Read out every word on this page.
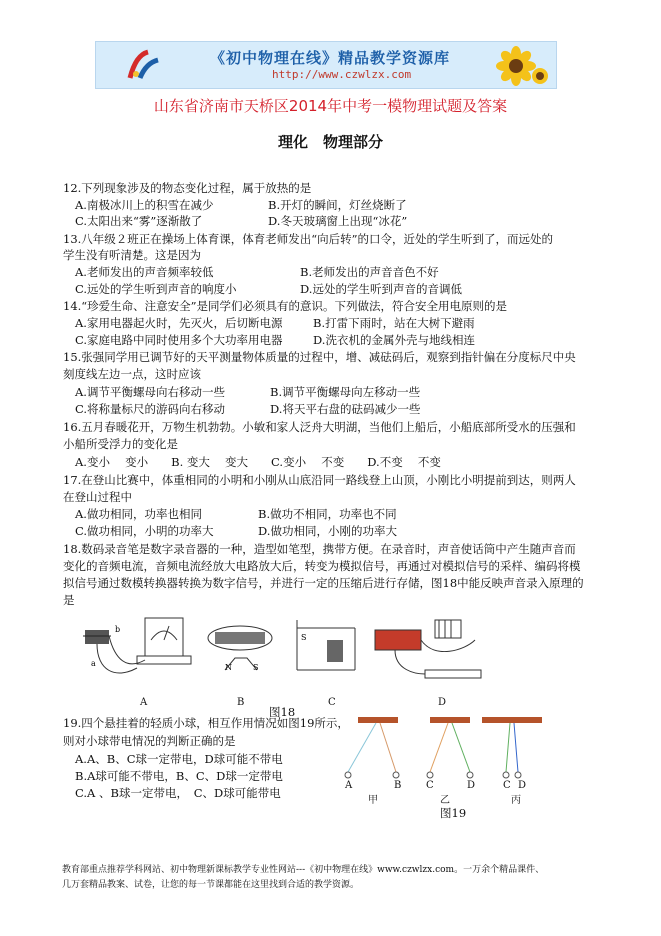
《初中物理在线》精品教学资源库
http://www.czwlzx.com
山东省济南市天桥区2014年中考一模物理试题及答案
理化　物理部分
12.下列现象涉及的物态变化过程，属于放热的是
A.南极冰川上的积雪在减少	B.开灯的瞬间，灯丝烧断了
C.太阳出来“雾”逐渐散了	D.冬天玻璃窗上出现“冰花”
13.八年级２班正在操场上体育课，体育老师发出“向后转”的口令，近处的学生听到了，而远处的
学生没有听清楚。这是因为
A.老师发出的声音频率较低	B.老师发出的声音音色不好
C.远处的学生听到声音的响度小	D.远处的学生听到声音的音调低
14.“珍爱生命、注意安全”是同学们必须具有的意识。下列做法，符合安全用电原则的是
A.家用电器起火时，先灭火，后切断电源	B.打雷下雨时，站在大树下避雨
C.家庭电路中同时使用多个大功率用电器	D.洗衣机的金属外壳与地线相连
15.张强同学用已调节好的天平测量物体质量的过程中，增、减砝码后，观察到指针偏在分度标尺中央
刻度线左边一点，这时应该
A.调节平衡螺母向右移动一些	B.调节平衡螺母向左移动一些
C.将称量标尺的游码向右移动	D.将天平右盘的砝码减少一些
16.五月春暖花开，万物生机勃勃。小敏和家人泛舟大明湖，当他们上船后，小船底部所受水的压强和
小船所受浮力的变化是
A.变小　 变小　　B. 变大　 变大　　C.变小　 不变　　D.不变　 不变
17.在登山比赛中，体重相同的小明和小刚从山底沿同一路线登上山顶，小刚比小明提前到达，则两人
在登山过程中
A.做功相同，功率也相同	B.做功不相同，功率也不同
C.做功相同，小明的功率大	D.做功相同，小刚的功率大
18.数码录音笔是数字录音器的一种，造型如笔型，携带方便。在录音时，声音使话筒中产生随声音而
变化的音频电流，音频电流经放大电路放大后，转变为模拟信号，再通过对模拟信号的采样、编码将模
拟信号通过数模转换器转换为数字信号，并进行一定的压缩后进行存储，图18中能反映声音录入原理的
是
19.四个悬挂着的轻质小球，相互作用情况如图19所示，
则对小球带电情况的判断正确的是
A.A、B、C球一定带电，D球可能不带电
B.A球可能不带电，B、C、D球一定带电
C.A 、B球一定带电，　C、D球可能带电
b
a	N	S
S
A	B	C	D
图18
A	B C	D	C D
甲	乙	丙
图19
教育部重点推荐学科网站、初中物理新课标教学专业性网站---《初中物理在线》www.czwlzx.com。一万余个精品课件、
几万套精品教案、试卷，让您的每一节课都能在这里找到合适的教学资源。
